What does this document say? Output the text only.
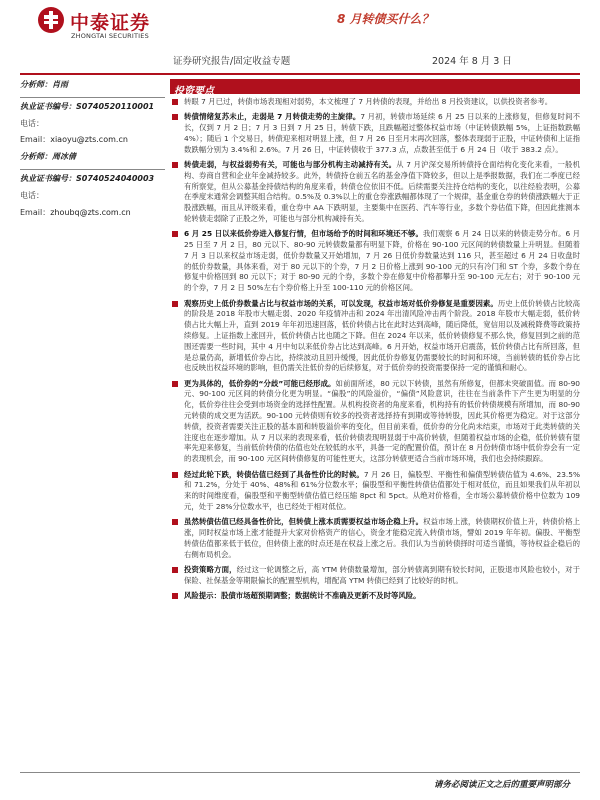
中泰证券
ZHONGTAI SECURITIES
8 月转债买什么？
证券研究报告/固定收益专题	2024 年 8 月 3 日
分析师：肖雨
执业证书编号：S0740520110001
电话：
Email：xiaoyu@zts.com.cn
分析师：周冰倩
执业证书编号：S0740524040003
电话：
Email：zhoubq@zts.com.cn
投资要点
转眼 7 月已过，转债市场表现相对弱势，本文梳理了 7 月转债的表现，并给出 8 月投资建议，以供投资者参考。
转债情绪复苏未止，走弱是 7 月转债走势的主旋律。7 月初，转债市场延续 6 月 25 日以来的上涨修复，但修复时间不长，仅到 7 月 2 日；7 月 3 日到 7 月 25 日，转债下跌，且跌幅超过整体权益市场（中证转债跌幅 5%，上证指数跌幅 4%）；随后 1 个交易日，转债迎来相对明显上涨，但 7 月 26 日至月末再次回落，整体表现弱于正股，中证转债和上证指数跌幅分别为 3.4%和 2.6%。7 月 26 日，中证转债收于 377.3 点，点数甚至低于 6 月 24 日（收于 383.2 点）。
转债走弱，与权益弱势有关，可能也与部分机构主动减持有关。从 7 月沪深交易所转债持仓面结构化变化来看，一般机构、券商自营和企业年金减持较多。此外，转债持仓前五名的基金净值下降较多，但以上是季报数据，我们在二季度已经有所察觉，但从公募基金持债结构的角度来看，转债仓位依旧不低。后续需要关注持仓结构的变化，以往经验表明，公募在季度末通常会调整其组合结构。0.5%及 0.3%以上的重仓券涨跌幅都体现了一个规律，基金重仓券的转债涨跌幅大于正股涨跌幅，而且从评级来看，重仓券中 AA 下跌明显，主要集中在医药、汽车等行业，多数个券估值下降，但因此推测本轮转债走弱除了正股之外，可能也与部分机构减持有关。
6 月 25 日以来低价券进入修复行情，但市场给予的时间和环境还不够。我们观察 6 月 24 日以来的转债走势分布。6 月 25 日至 7 月 2 日，80 元以下、80-90 元转债数量都有明显下降，价格在 90-100 元区间的转债数量上升明显。但随着 7 月 3 日以来权益市场走弱，低价券数量又开始增加，7 月 26 日低价券数量达到 116 只，甚至超过 6 月 24 日收盘时的低价券数量，具体来看，对于 80 元以下的个券，7 月 2 日价格上涨到 90-100 元的只有冷门和 ST 个券，多数个券在修复中价格回到 80 元以下；对于 80-90 元的个券，多数个券在修复中价格都攀升至 90-100 元左右；对于 90-100 元的个券，7 月 2 日 50%左右个券价格上升至 100-110 元的价格区间。
观察历史上低价券数量占比与权益市场的关系，可以发现，权益市场对低价券修复是重要因素。历史上低价转债占比较高的阶段是 2018 年股市大幅走弱、2020 年疫情冲击和 2024 年出清风险冲击两个阶段。2018 年股市大幅走弱，低价转债占比大幅上升，直到 2019 年年初迅速回落，低价转债占比在此时达到高峰，随后降低，宽信用以及减税降费等政策持续修复。上证指数上涨回升，低价转债占比也随之下降。但在 2024 年以来，低价转债修复不那么快，修复回到之前的范围还需要一些时间，其中 4 月中旬以来低价券占比达到高峰。6 月开始，权益市场开启震荡，低价转债占比有所回落，但是总量仍高，新增低价券占比，持续波动且回升缓慢，因此低价券修复仍需要较长的时间和环境，当前转债的低价券占比也反映出权益环境的影响，但仍需关注低价券的后续修复，对于低价券的投资需要保持一定的谨慎和耐心。
更为具体的，低价券的“分歧”可能已经形成。如前面所述，80 元以下转债，虽然有所修复，但都未突破面值。而 80-90 元、90-100 元区间的转债分化更为明显。“偏股”的风险溢价，“偏债”风险意识，往往在当前条件下产生更为明显的分化，低价券往往会受到市场资金的选择性配置。从机构投资者的角度来看，机构持有的低价转债规模有所增加，而 80-90 元转债的成交更为活跃。90-100 元转债则有较多的投资者选择持有到期或等待转股，因此其价格更为稳定。对于这部分转债，投资者需要关注正股的基本面和转股溢价率的变化，但目前来看，低价券的分化尚未结束，市场对于此类转债的关注度也在逐步增加。从 7 月以来的表现来看，低价转债表现明显弱于中高价转债，但随着权益市场的企稳，低价转债有望率先迎来修复，当前低价转债的估值也处在较低的水平，具备一定的配置价值，预计在 8 月份转债市场中低价券会有一定的表现机会，而 90-100 元区间转债修复的可能性更大，这部分转债更适合当前市场环境，我们也会持续跟踪。
经过此轮下跌，转债估值已经到了具备性价比的时候。7 月 26 日，偏股型、平衡性和偏债型转债估值为 4.6%、23.5%和 71.2%，分处于 40%、48%和 61%分位数水平；偏股型和平衡性转债估值都处于相对低位，而且如果我们从年初以来的时间维度看，偏股型和平衡型转债估值已经压缩 8pct 和 5pct。从绝对价格看，全市场公募转债价格中位数为 109 元，处于 28%分位数水平，也已经处于相对低位。
虽然转债估值已经具备性价比，但转债上涨本质需要权益市场企稳上升。权益市场上涨，转债期权价值上升，转债价格上涨，同时权益市场上涨才能提升大家对价格资产的信心，资金才能稳定流入转债市场，譬如 2019 年年初。偏股、平衡型转债估值都来低于低位，但转债上涨的时点还是在权益上涨之后。我们认为当前转债择时可适当谨慎，等待权益企稳后的右侧布局机会。
投资策略方面，经过这一轮调整之后，高 YTM 转债数量增加，部分转债离到期有较长时间，正股退市风险也较小，对于保险、社保基金等期限偏长的配置型机构，增配高 YTM 转债已经到了比较好的时机。
风险提示：股债市场超预期调整；数据统计不准确及更新不及时等风险。
请务必阅读正文之后的重要声明部分
